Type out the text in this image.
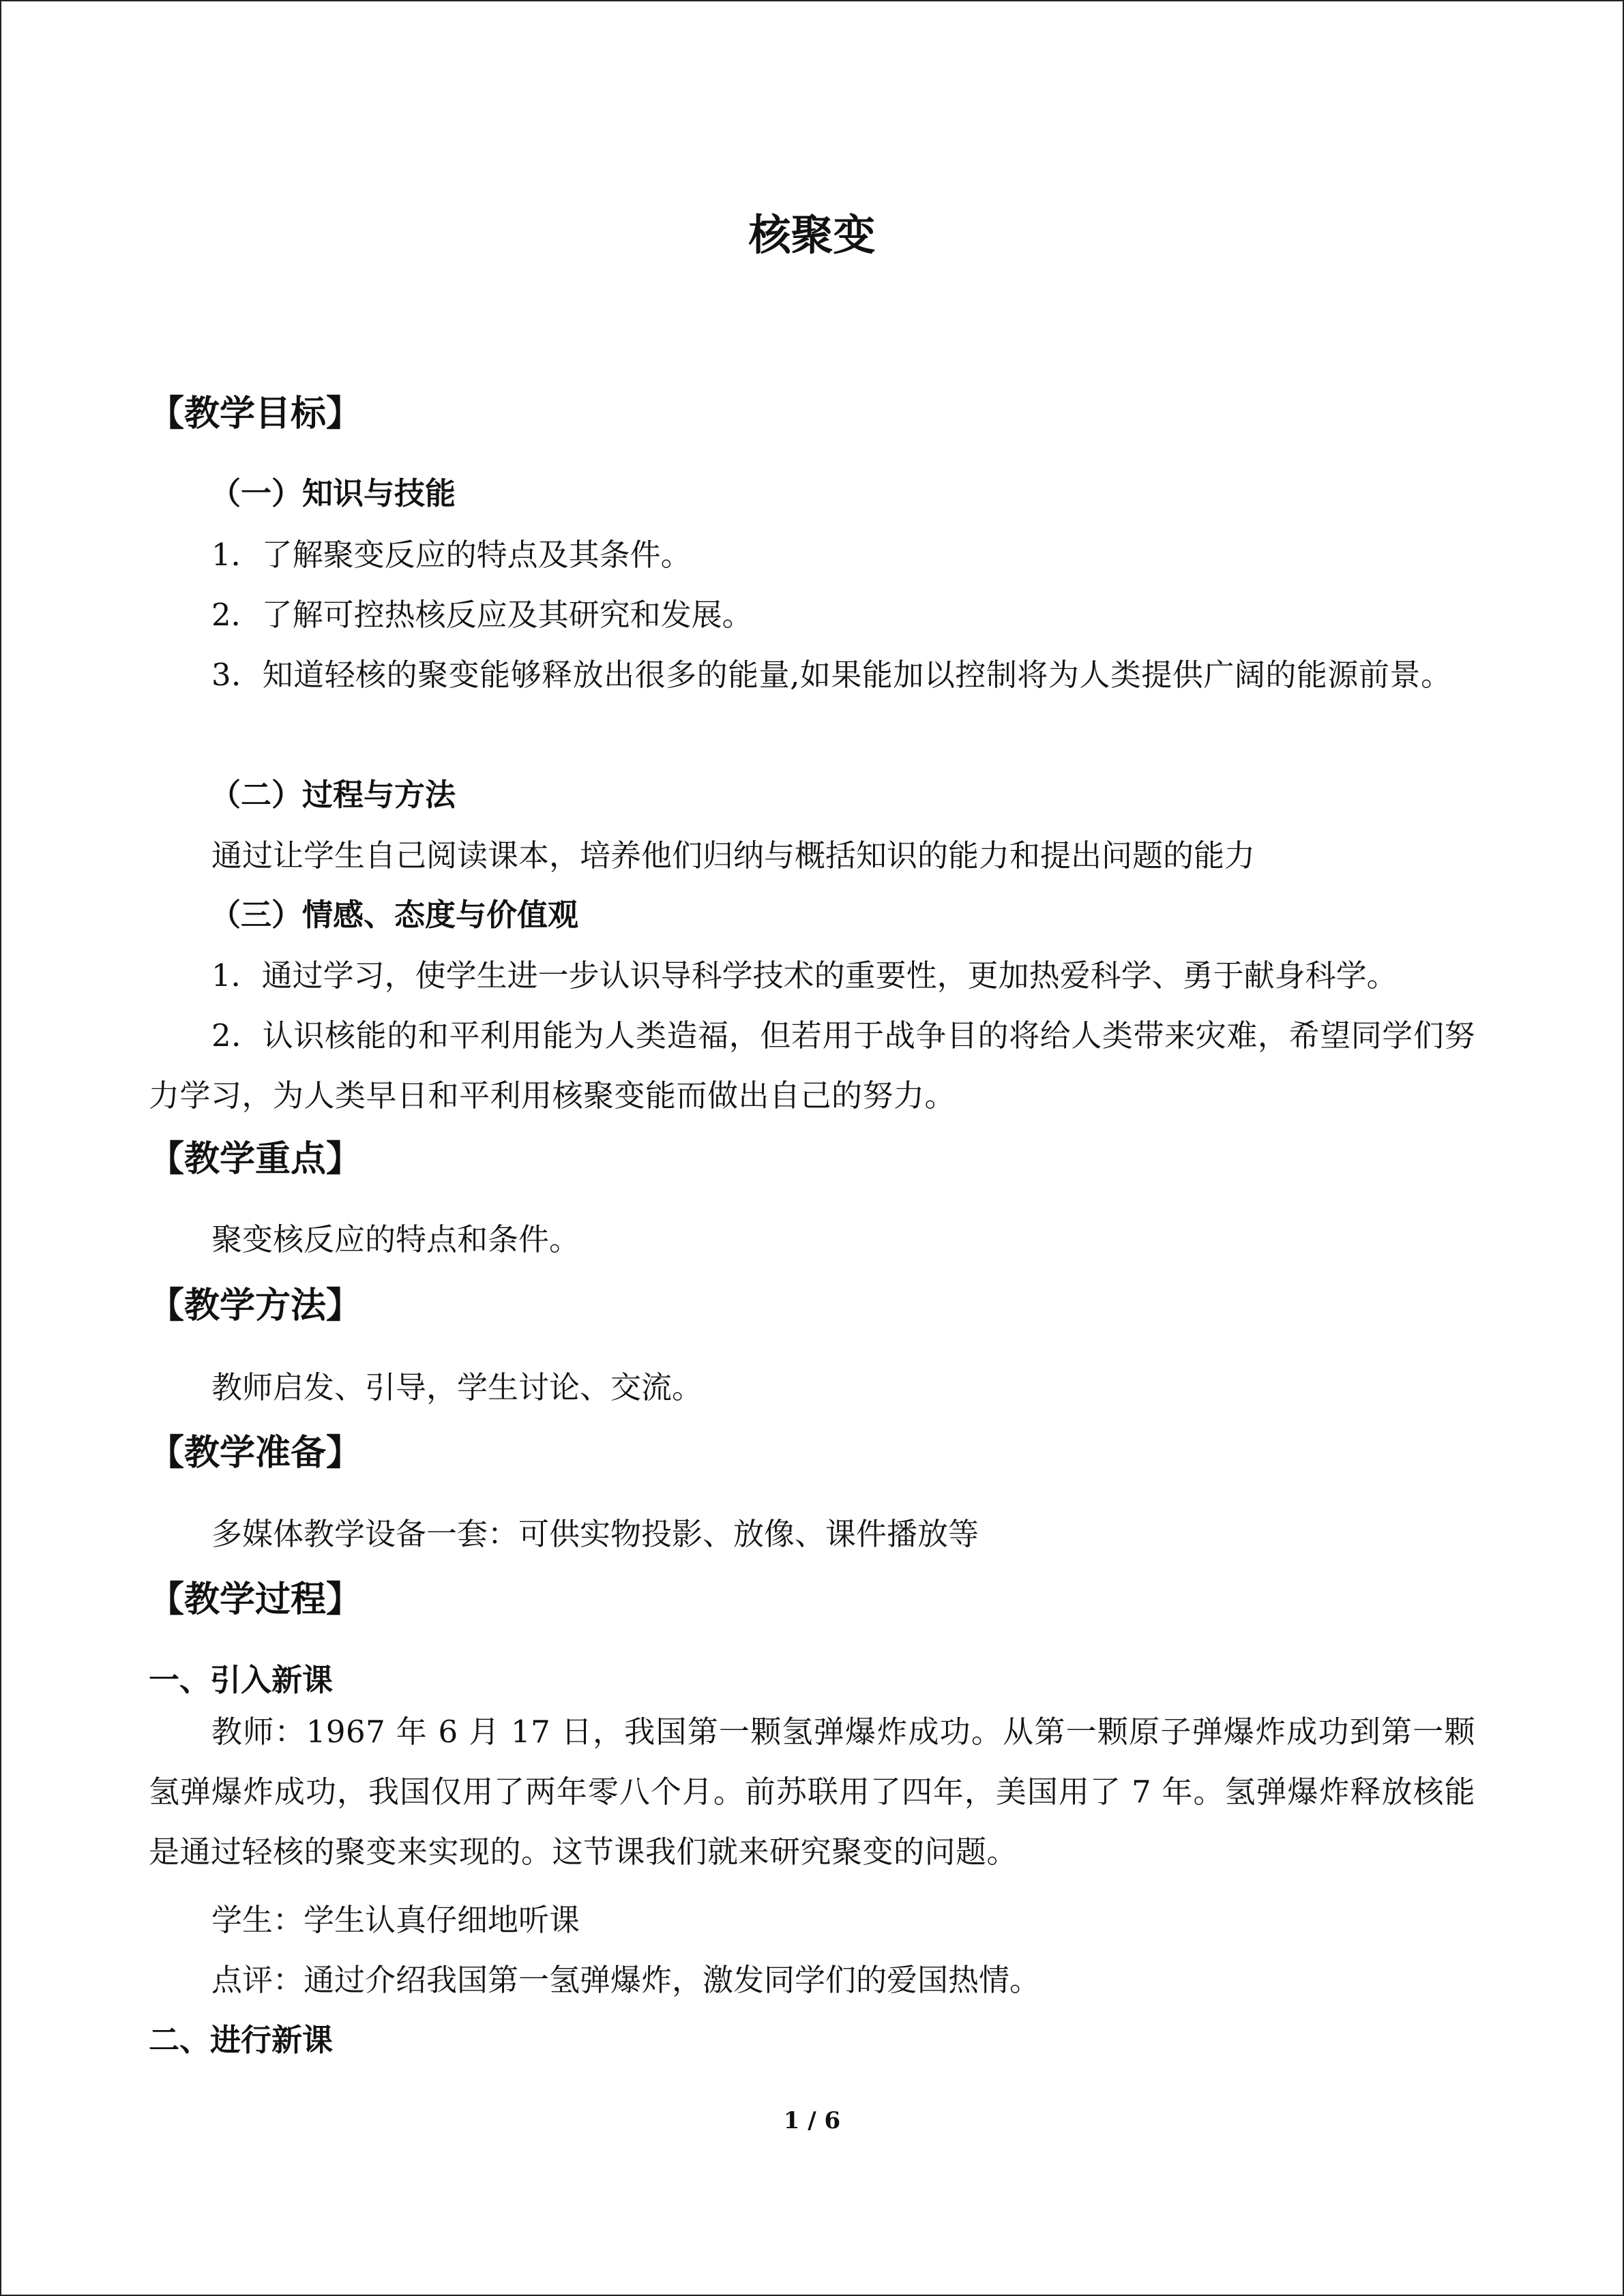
核聚变
【教学目标】
（一）知识与技能
1．了解聚变反应的特点及其条件。
2．了解可控热核反应及其研究和发展。

3．知道轻核的聚变能够释放出很多的能量,如果能加以控制将为人类提供广阔的能源前景。

（二）过程与方法
通过让学生自己阅读课本，培养他们归纳与概括知识的能力和提出问题的能力
（三）情感、态度与价值观
1．通过学习，使学生进一步认识导科学技术的重要性，更加热爱科学、勇于献身科学。

2．认识核能的和平利用能为人类造福，但若用于战争目的将给人类带来灾难，希望同学们努力学习，为人类早日和平利用核聚变能而做出自己的努力。

【教学重点】
聚变核反应的特点和条件。
【教学方法】
教师启发、引导，学生讨论、交流。
【教学准备】
多媒体教学设备一套：可供实物投影、放像、课件播放等
【教学过程】
一、引入新课

教师：1967 年 6 月 17 日，我国第一颗氢弹爆炸成功。从第一颗原子弹爆炸成功到第一颗氢弹爆炸成功，我国仅用了两年零八个月。前苏联用了四年，美国用了 7 年。氢弹爆炸释放核能是通过轻核的聚变来实现的。这节课我们就来研究聚变的问题。

学生：学生认真仔细地听课
点评：通过介绍我国第一氢弹爆炸，激发同学们的爱国热情。
二、进行新课
1 / 6
